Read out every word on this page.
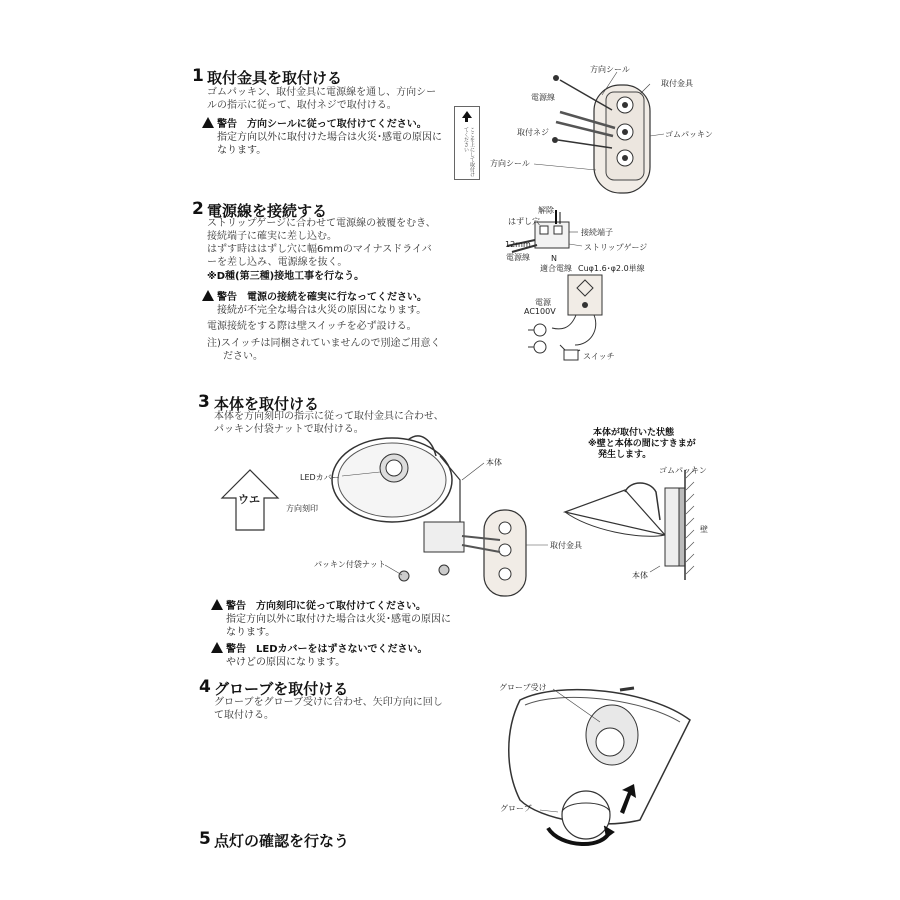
1 取付金具を取付ける
ゴムパッキン、取付金具に電源線を通し、方向シー
ルの指示に従って、取付ネジで取付ける。
警告　方向シールに従って取付けてください。
指定方向以外に取付けた場合は火災･感電の原因に
なります。	ここを上にして取付けてください
方向シール
取付金具
電源線
取付ネジ	ゴムパッキン
方向シール
2 電源線を接続する
ストリップゲージに合わせて電源線の被覆をむき、
接続端子に確実に差し込む。
はずす時ははずし穴に幅6mmのマイナスドライバ
ーを差し込み、電源線を抜く。
※D種(第三種)接地工事を行なう。
警告　電源の接続を確実に行なってください。
接続が不完全な場合は火災の原因になります。
電源接続をする際は壁スイッチを必ず設ける。
注)スイッチは同梱されていませんので別途ご用意く
ださい。
解除
はずし穴
接続端子
12mm	ストリップゲージ
電源線	N
適合電線 Cuφ1.6･φ2.0単線
電源
AC100V
スイッチ
3 本体を取付ける
本体を方向刻印の指示に従って取付金具に合わせ、
パッキン付袋ナットで取付ける。
ウエ
方向刻印
LEDカバー
本体
取付金具
パッキン付袋ナット
本体が取付いた状態
※壁と本体の間にすきまが
発生します。
ゴムパッキン
壁
本体
警告　方向刻印に従って取付けてください。
指定方向以外に取付けた場合は火災･感電の原因に
なります。
警告　LEDカバーをはずさないでください。
やけどの原因になります。
4 グローブを取付ける
グローブをグローブ受けに合わせ、矢印方向に回し
て取付ける。
グローブ受け
グローブ
5 点灯の確認を行なう
